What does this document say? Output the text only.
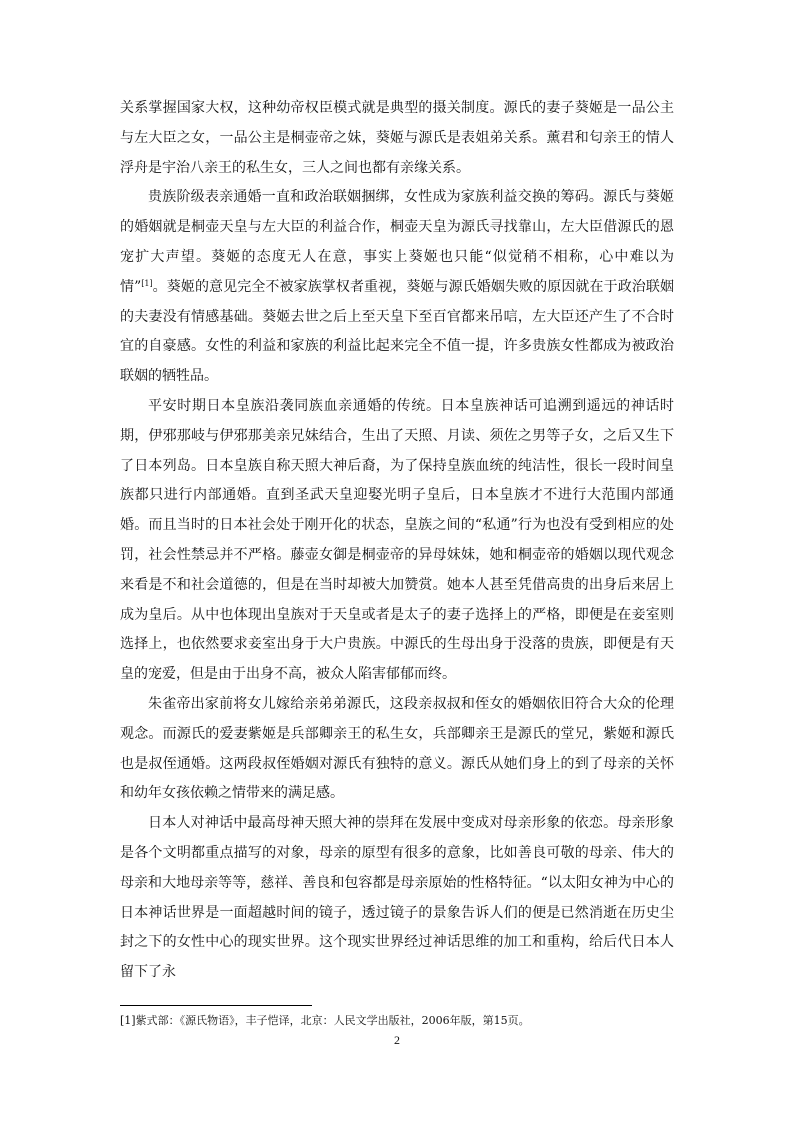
关系掌握国家大权，这种幼帝权臣模式就是典型的摄关制度。源氏的妻子葵姬是一品公主与左大臣之女，一品公主是桐壶帝之妹，葵姬与源氏是表姐弟关系。薰君和匂亲王的情人浮舟是宇治八亲王的私生女，三人之间也都有亲缘关系。

贵族阶级表亲通婚一直和政治联姻捆绑，女性成为家族利益交换的筹码。源氏与葵姬的婚姻就是桐壶天皇与左大臣的利益合作，桐壶天皇为源氏寻找靠山，左大臣借源氏的恩宠扩大声望。葵姬的态度无人在意，事实上葵姬也只能“似觉稍不相称，心中难以为情”[1]。葵姬的意见完全不被家族掌权者重视，葵姬与源氏婚姻失败的原因就在于政治联姻的夫妻没有情感基础。葵姬去世之后上至天皇下至百官都来吊唁，左大臣还产生了不合时宜的自豪感。女性的利益和家族的利益比起来完全不值一提，许多贵族女性都成为被政治联姻的牺牲品。

平安时期日本皇族沿袭同族血亲通婚的传统。日本皇族神话可追溯到遥远的神话时期，伊邪那岐与伊邪那美亲兄妹结合，生出了天照、月读、须佐之男等子女，之后又生下了日本列岛。日本皇族自称天照大神后裔，为了保持皇族血统的纯洁性，很长一段时间皇族都只进行内部通婚。直到圣武天皇迎娶光明子皇后，日本皇族才不进行大范围内部通婚。而且当时的日本社会处于刚开化的状态，皇族之间的“私通”行为也没有受到相应的处罚，社会性禁忌并不严格。藤壶女御是桐壶帝的异母妹妹，她和桐壶帝的婚姻以现代观念来看是不和社会道德的，但是在当时却被大加赞赏。她本人甚至凭借高贵的出身后来居上成为皇后。从中也体现出皇族对于天皇或者是太子的妻子选择上的严格，即便是在妾室则选择上，也依然要求妾室出身于大户贵族。中源氏的生母出身于没落的贵族，即便是有天皇的宠爱，但是由于出身不高，被众人陷害郁郁而终。

朱雀帝出家前将女儿嫁给亲弟弟源氏，这段亲叔叔和侄女的婚姻依旧符合大众的伦理观念。而源氏的爱妻紫姬是兵部卿亲王的私生女，兵部卿亲王是源氏的堂兄，紫姬和源氏也是叔侄通婚。这两段叔侄婚姻对源氏有独特的意义。源氏从她们身上的到了母亲的关怀和幼年女孩依赖之情带来的满足感。

日本人对神话中最高母神天照大神的崇拜在发展中变成对母亲形象的依恋。母亲形象是各个文明都重点描写的对象，母亲的原型有很多的意象，比如善良可敬的母亲、伟大的母亲和大地母亲等等，慈祥、善良和包容都是母亲原始的性格特征。“以太阳女神为中心的日本神话世界是一面超越时间的镜子，透过镜子的景象告诉人们的便是已然消逝在历史尘封之下的女性中心的现实世界。这个现实世界经过神话思维的加工和重构，给后代日本人留下了永

[1]紫式部：《源氏物语》，丰子恺译，北京：人民文学出版社，2006年版，第15页。
2
